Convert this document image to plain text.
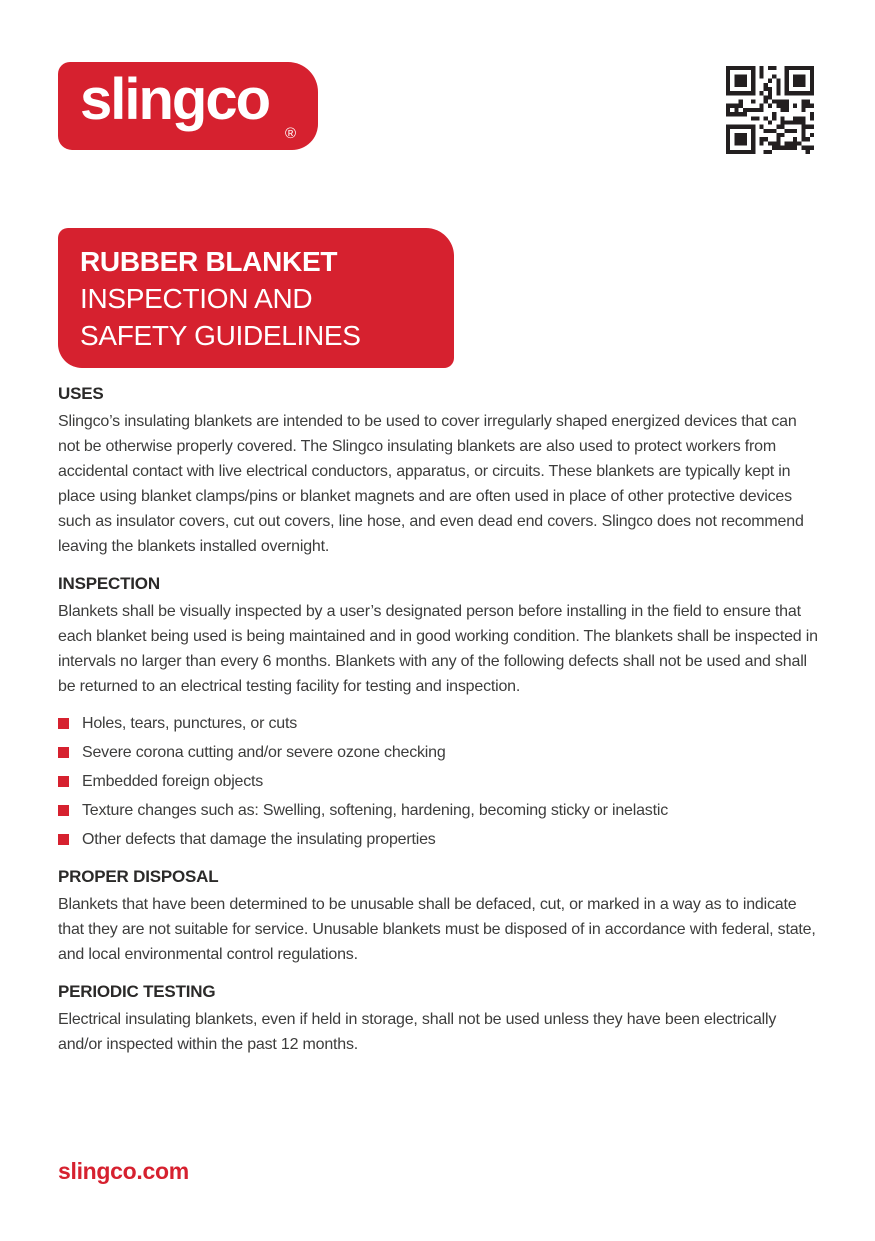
slingco
®
RUBBER BLANKET
INSPECTION AND
SAFETY GUIDELINES
USES

Slingco’s insulating blankets are intended to be used to cover irregularly shaped energized devices that can not be otherwise properly covered. The Slingco insulating blankets are also used to protect workers from accidental contact with live electrical conductors, apparatus, or circuits. These blankets are typically kept in place using blanket clamps/pins or blanket magnets and are often used in place of other protective devices such as insulator covers, cut out covers, line hose, and even dead end covers. Slingco does not recommend leaving the blankets installed overnight.

INSPECTION

Blankets shall be visually inspected by a user’s designated person before installing in the field to ensure that each blanket being used is being maintained and in good working condition. The blankets shall be inspected in intervals no larger than every 6 months. Blankets with any of the following defects shall not be used and shall be returned to an electrical testing facility for testing and inspection.

Holes, tears, punctures, or cuts
Severe corona cutting and/or severe ozone checking
Embedded foreign objects
Texture changes such as: Swelling, softening, hardening, becoming sticky or inelastic
Other defects that damage the insulating properties
PROPER DISPOSAL

Blankets that have been determined to be unusable shall be defaced, cut, or marked in a way as to indicate that they are not suitable for service. Unusable blankets must be disposed of in accordance with federal, state, and local environmental control regulations.

PERIODIC TESTING

Electrical insulating blankets, even if held in storage, shall not be used unless they have been electrically and/or inspected within the past 12 months.

slingco.com
